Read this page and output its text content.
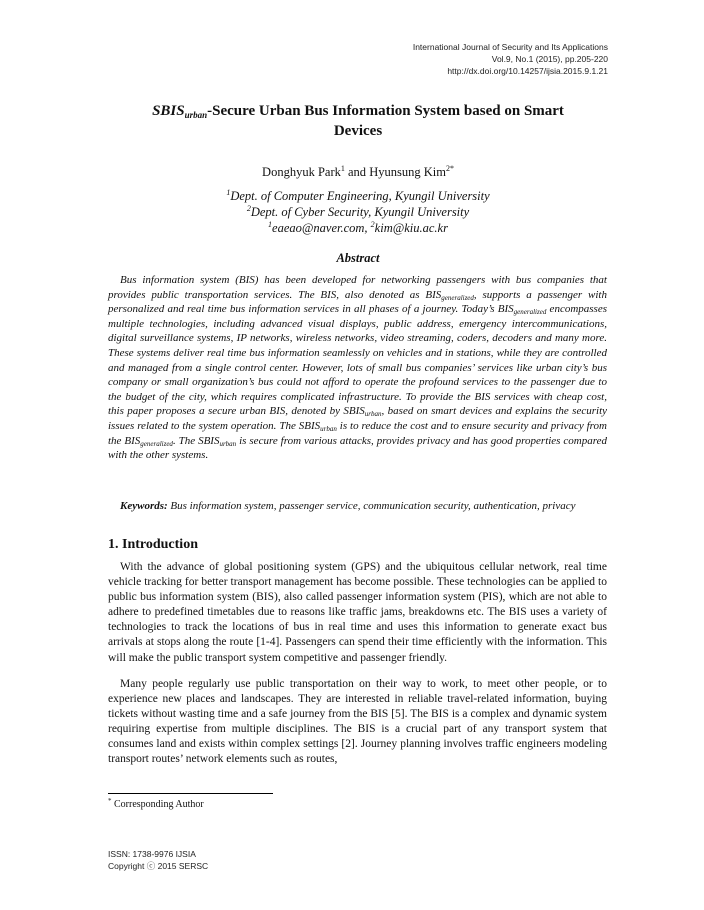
International Journal of Security and Its Applications
Vol.9, No.1 (2015), pp.205-220
http://dx.doi.org/10.14257/ijsia.2015.9.1.21
$SBIS_{urban}$-Secure Urban Bus Information System based on Smart
Devices
Donghyuk Park$^1$ and Hyunsung Kim$^{2*}$
$^1$Dept. of Computer Engineering, Kyungil University
$^2$Dept. of Cyber Security, Kyungil University
$^1$eaeao@naver.com, $^2$kim@kiu.ac.kr
Abstract

Bus information system (BIS) has been developed for networking passengers with bus companies that provides public transportation services. The BIS, also denoted as $BIS_{generalized}$, supports a passenger with personalized and real time bus information services in all phases of a journey. Today’s $BIS_{generalized}$ encompasses multiple technologies, including advanced visual displays, public address, emergency intercommunications, digital surveillance systems, IP networks, wireless networks, video streaming, coders, decoders and many more. These systems deliver real time bus information seamlessly on vehicles and in stations, while they are controlled and managed from a single control center. However, lots of small bus companies’ services like urban city’s bus company or small organization’s bus could not afford to operate the profound services to the passenger due to the budget of the city, which requires complicated infrastructure. To provide the BIS services with cheap cost, this paper proposes a secure urban BIS, denoted by $SBIS_{urban}$, based on smart devices and explains the security issues related to the system operation. The $SBIS_{urban}$ is to reduce the cost and to ensure security and privacy from the $BIS_{generalized}$. The $SBIS_{urban}$ is secure from various attacks, provides privacy and has good properties compared with the other systems.

Keywords: Bus information system, passenger service, communication security, authentication, privacy

1. Introduction

With the advance of global positioning system (GPS) and the ubiquitous cellular network, real time vehicle tracking for better transport management has become possible. These technologies can be applied to public bus information system (BIS), also called passenger information system (PIS), which are not able to adhere to predefined timetables due to reasons like traffic jams, breakdowns etc. The BIS uses a variety of technologies to track the locations of bus in real time and uses this information to generate exact bus arrivals at stops along the route [1-4]. Passengers can spend their time efficiently with the information. This will make the public transport system competitive and passenger friendly.

Many people regularly use public transportation on their way to work, to meet other people, or to experience new places and landscapes. They are interested in reliable travel-related information, buying tickets without wasting time and a safe journey from the BIS [5]. The BIS is a complex and dynamic system requiring expertise from multiple disciplines. The BIS is a crucial part of any transport system that consumes land and exists within complex settings [2]. Journey planning involves traffic engineers modeling transport routes’ network elements such as routes,

* Corresponding Author
ISSN: 1738-9976 IJSIA
Copyright ⓒ 2015 SERSC
